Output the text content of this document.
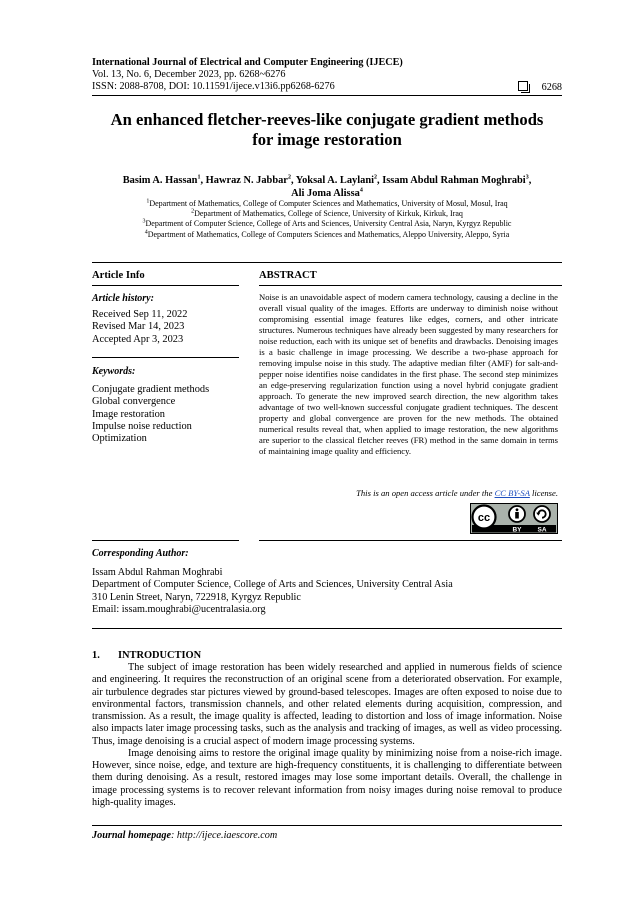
International Journal of Electrical and Computer Engineering (IJECE)
Vol. 13, No. 6, December 2023, pp. 6268~6276
ISSN: 2088-8708, DOI: 10.11591/ijece.v13i6.pp6268-6276	6268
An enhanced fletcher-reeves-like conjugate gradient methods
for image restoration
Basim A. Hassan$^1$, Hawraz N. Jabbar$^2$, Yoksal A. Laylani$^2$, Issam Abdul Rahman Moghrabi$^3$,
Ali Joma Alissa$^4$
$^1$Department of Mathematics, College of Computer Sciences and Mathematics, University of Mosul, Mosul, Iraq
$^2$Department of Mathematics, College of Science, University of Kirkuk, Kirkuk, Iraq
$^3$Department of Computer Science, College of Arts and Sciences, University Central Asia, Naryn, Kyrgyz Republic
$^4$Department of Mathematics, College of Computers Sciences and Mathematics, Aleppo University, Aleppo, Syria
Article Info	ABSTRACT
Article history:
Received Sep 11, 2022
Revised Mar 14, 2023
Accepted Apr 3, 2023
Keywords:
Conjugate gradient methods
Global convergence
Image restoration
Impulse noise reduction
Optimization
Noise is an unavoidable aspect of modern camera technology, causing a decline in the overall visual quality of the images. Efforts are underway to diminish noise without compromising essential image features like edges, corners, and other intricate structures. Numerous techniques have already been suggested by many researchers for noise reduction, each with its unique set of benefits and drawbacks. Denoising images is a basic challenge in image processing. We describe a two-phase approach for removing impulse noise in this study. The adaptive median filter (AMF) for salt-and-pepper noise identifies noise candidates in the first phase. The second step minimizes an edge-preserving regularization function using a novel hybrid conjugate gradient approach. To generate the new improved search direction, the new algorithm takes advantage of two well-known successful conjugate gradient techniques. The descent property and global convergence are proven for the new methods. The obtained numerical results reveal that, when applied to image restoration, the new algorithms are superior to the classical fletcher reeves (FR) method in the same domain in terms of maintaining image quality and efficiency.
This is an open access article under the CC BY-SA license.
cc
BY SA
Corresponding Author:
Issam Abdul Rahman Moghrabi
Department of Computer Science, College of Arts and Sciences, University Central Asia
310 Lenin Street, Naryn, 722918, Kyrgyz Republic
Email: issam.moughrabi@ucentralasia.org
1.       INTRODUCTION

The subject of image restoration has been widely researched and applied in numerous fields of science and engineering. It requires the reconstruction of an original scene from a deteriorated observation. For example, air turbulence degrades star pictures viewed by ground-based telescopes. Images are often exposed to noise due to environmental factors, transmission channels, and other related elements during acquisition, compression, and transmission. As a result, the image quality is affected, leading to distortion and loss of image information. Noise also impacts later image processing tasks, such as the analysis and tracking of images, as well as video processing. Thus, image denoising is a crucial aspect of modern image processing systems.

Image denoising aims to restore the original image quality by minimizing noise from a noise-rich image. However, since noise, edge, and texture are high-frequency constituents, it is challenging to differentiate between them during denoising. As a result, restored images may lose some important details. Overall, the challenge in image processing systems is to recover relevant information from noisy images during noise removal to produce high-quality images.

Journal homepage: http://ijece.iaescore.com
